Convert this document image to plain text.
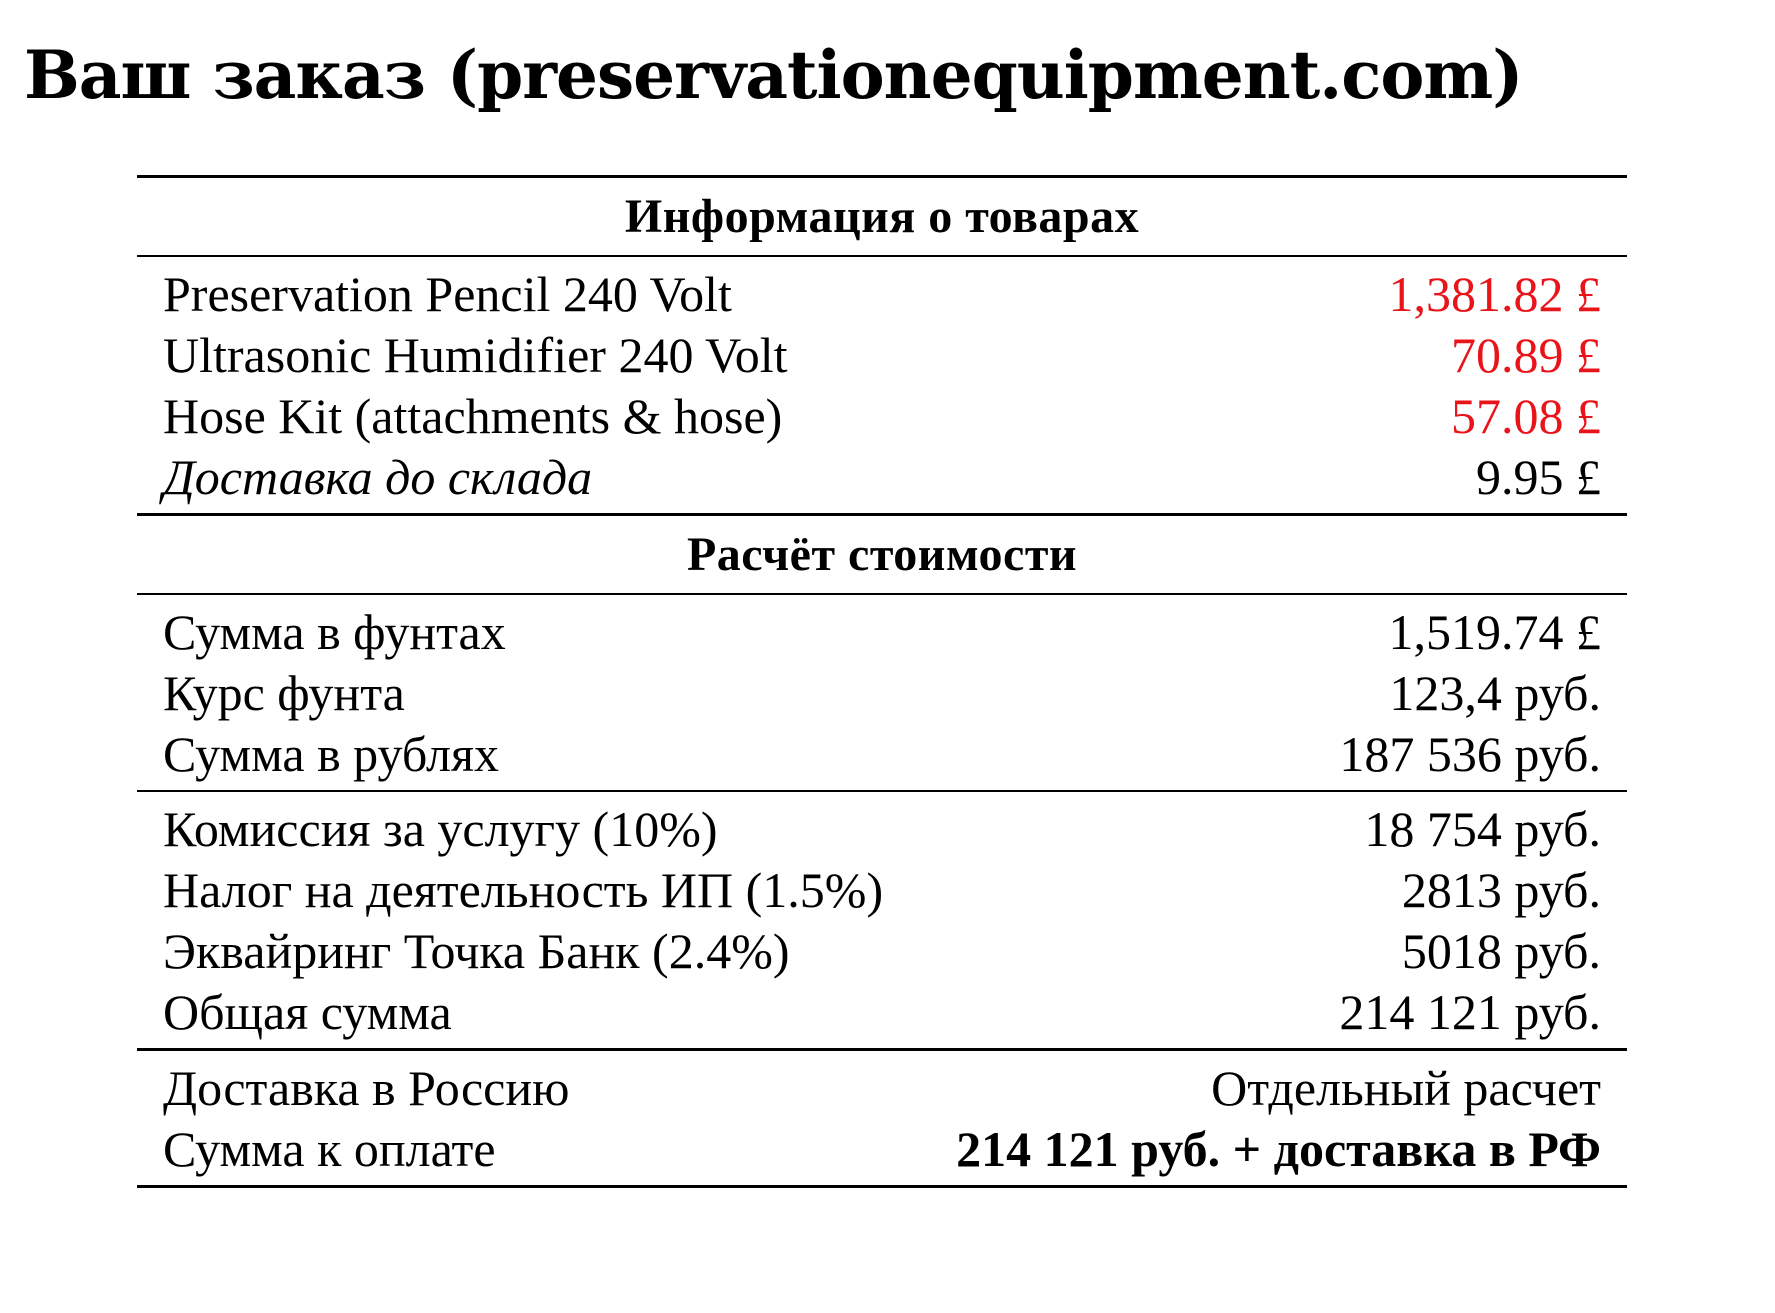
Ваш заказ (preservationequipment.com)
Информация о товарах
Preservation Pencil 240 Volt	1,381.82 £
Ultrasonic Humidifier 240 Volt	70.89 £
Hose Kit (attachments & hose)	57.08 £
Доставка до склада	9.95 £
Расчёт стоимости
Сумма в фунтах	1,519.74 £
Курс фунта	123,4 руб.
Сумма в рублях	187 536 руб.
Комиссия за услугу (10%)	18 754 руб.
Налог на деятельность ИП (1.5%)	2813 руб.
Эквайринг Точка Банк (2.4%)	5018 руб.
Общая сумма	214 121 руб.
Доставка в Россию	Отдельный расчет
Сумма к оплате	214 121 руб. + доставка в РФ
